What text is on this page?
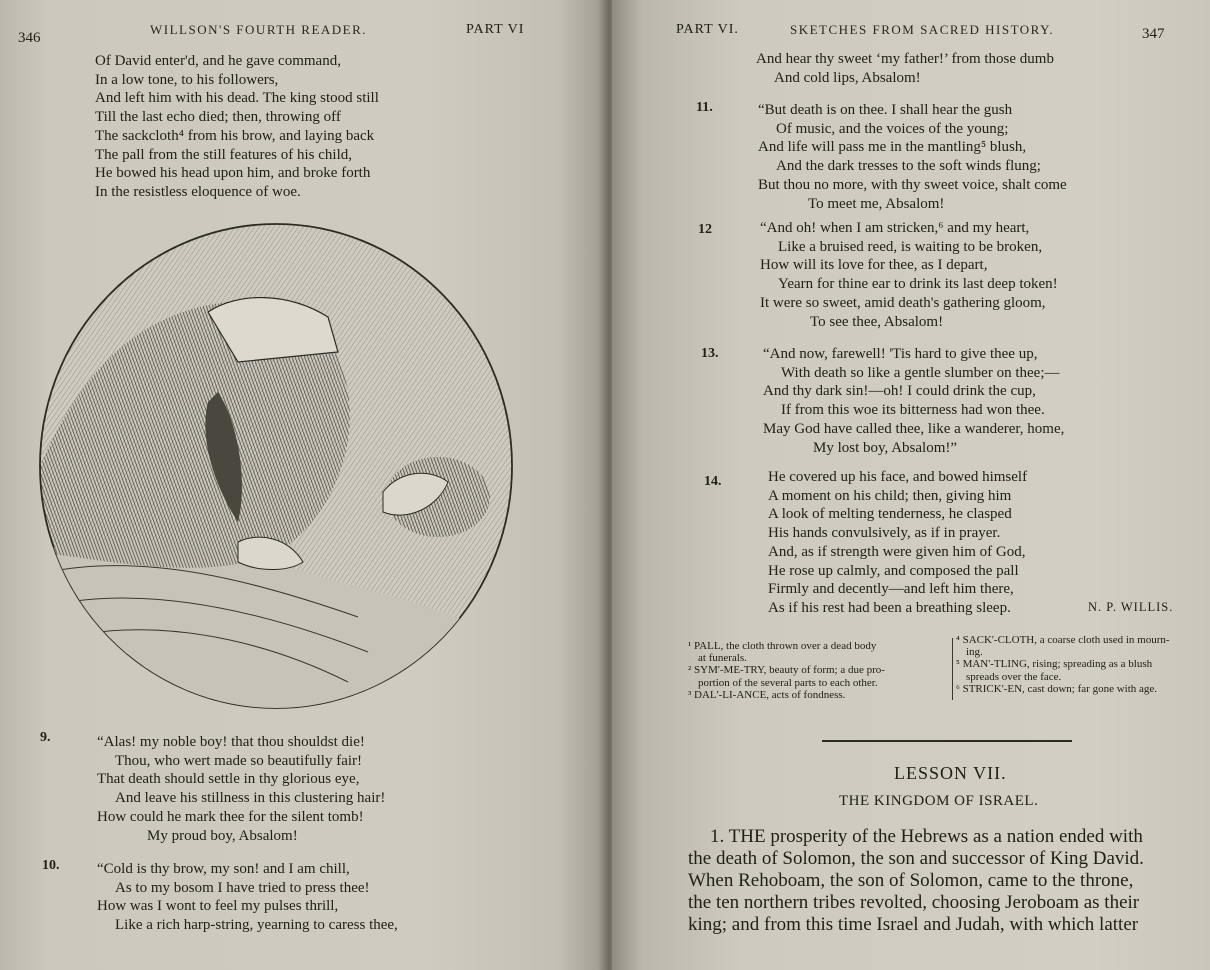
346
WILLSON'S FOURTH READER.	PART VI
Of David enter'd, and he gave command,
In a low tone, to his followers,
And left him with his dead. The king stood still
Till the last echo died; then, throwing off
The sackcloth⁴ from his brow, and laying back
The pall from the still features of his child,
He bowed his head upon him, and broke forth
In the resistless eloquence of woe.
9.	“Alas! my noble boy! that thou shouldst die!
Thou, who wert made so beautifully fair!
That death should settle in thy glorious eye,
And leave his stillness in this clustering hair!
How could he mark thee for the silent tomb!
My proud boy, Absalom!
10.	“Cold is thy brow, my son! and I am chill,
As to my bosom I have tried to press thee!
How was I wont to feel my pulses thrill,
Like a rich harp-string, yearning to caress thee,
PART VI.	SKETCHES FROM SACRED HISTORY.	347
And hear thy sweet ‘my father!’ from those dumb
And cold lips, Absalom!
11.	“But death is on thee. I shall hear the gush
Of music, and the voices of the young;
And life will pass me in the mantling⁵ blush,
And the dark tresses to the soft winds flung;
But thou no more, with thy sweet voice, shalt come
To meet me, Absalom!
12	“And oh! when I am stricken,⁶ and my heart,
Like a bruised reed, is waiting to be broken,
How will its love for thee, as I depart,
Yearn for thine ear to drink its last deep token!
It were so sweet, amid death's gathering gloom,
To see thee, Absalom!
13.	“And now, farewell! 'Tis hard to give thee up,
With death so like a gentle slumber on thee;—
And thy dark sin!—oh! I could drink the cup,
If from this woe its bitterness had won thee.
May God have called thee, like a wanderer, home,
My lost boy, Absalom!”
14.	He covered up his face, and bowed himself
A moment on his child; then, giving him
A look of melting tenderness, he clasped
His hands convulsively, as if in prayer.
And, as if strength were given him of God,
He rose up calmly, and composed the pall
Firmly and decently—and left him there,
As if his rest had been a breathing sleep.	N. P. WILLIS.
¹ PALL, the cloth thrown over a dead body
at funerals.
² SYM'-ME-TRY, beauty of form; a due pro-
portion of the several parts to each other.
³ DAL'-LI-ANCE, acts of fondness.
⁴ SACK'-CLOTH, a coarse cloth used in mourn-
ing.
⁵ MAN'-TLING, rising; spreading as a blush
spreads over the face.
⁶ STRICK'-EN, cast down; far gone with age.
LESSON VII.
THE KINGDOM OF ISRAEL.
1. THE prosperity of the Hebrews as a nation ended with
the death of Solomon, the son and successor of King David.
When Rehoboam, the son of Solomon, came to the throne,
the ten northern tribes revolted, choosing Jeroboam as their
king; and from this time Israel and Judah, with which latter
